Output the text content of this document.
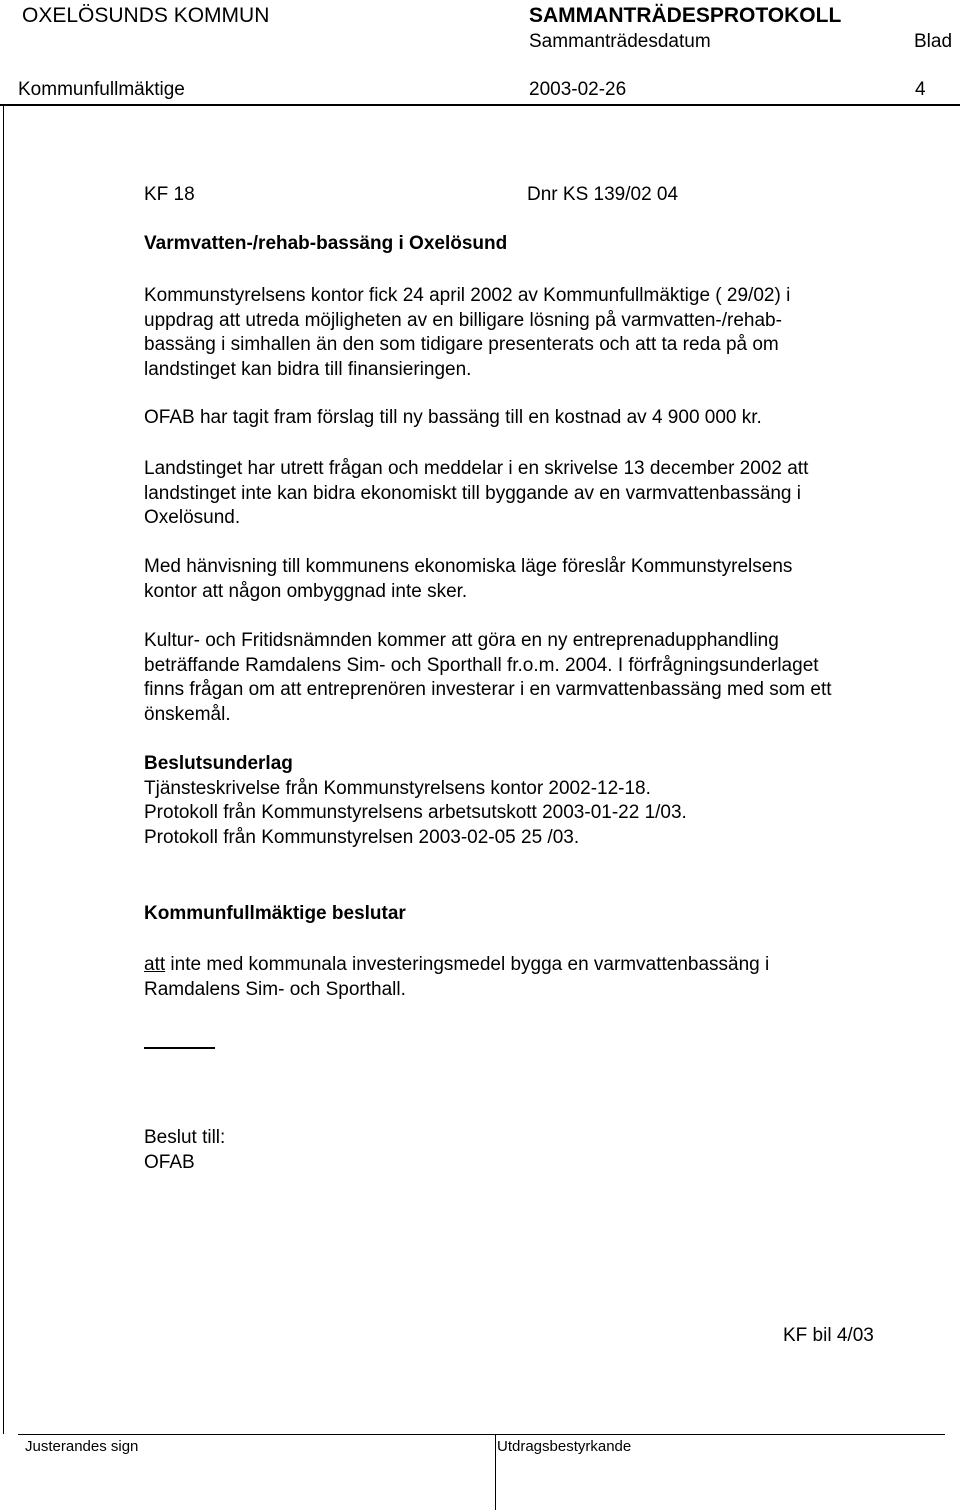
OXELÖSUNDS KOMMUN	SAMMANTRÄDESPROTOKOLL
Sammanträdesdatum	Blad
Kommunfullmäktige	2003-02-26	4
KF 18	Dnr KS 139/02 04
Varmvatten-/rehab-bassäng i Oxelösund
Kommunstyrelsens kontor fick 24 april 2002 av Kommunfullmäktige ( 29/02) i
uppdrag att utreda möjligheten av en billigare lösning på varmvatten-/rehab-
bassäng i simhallen än den som tidigare presenterats och att ta reda på om
landstinget kan bidra till finansieringen.
OFAB har tagit fram förslag till ny bassäng till en kostnad av 4 900 000 kr.
Landstinget har utrett frågan och meddelar i en skrivelse 13 december 2002 att
landstinget inte kan bidra ekonomiskt till byggande av en varmvattenbassäng i
Oxelösund.
Med hänvisning till kommunens ekonomiska läge föreslår Kommunstyrelsens
kontor att någon ombyggnad inte sker.
Kultur- och Fritidsnämnden kommer att göra en ny entreprenadupphandling
beträffande Ramdalens Sim- och Sporthall fr.o.m. 2004. I förfrågningsunderlaget
finns frågan om att entreprenören investerar i en varmvattenbassäng med som ett
önskemål.
Beslutsunderlag
Tjänsteskrivelse från Kommunstyrelsens kontor 2002-12-18.
Protokoll från Kommunstyrelsens arbetsutskott 2003-01-22 1/03.
Protokoll från Kommunstyrelsen 2003-02-05 25 /03.
Kommunfullmäktige beslutar
att inte med kommunala investeringsmedel bygga en varmvattenbassäng i
Ramdalens Sim- och Sporthall.
Beslut till:
OFAB
KF bil 4/03
Justerandes sign	Utdragsbestyrkande
